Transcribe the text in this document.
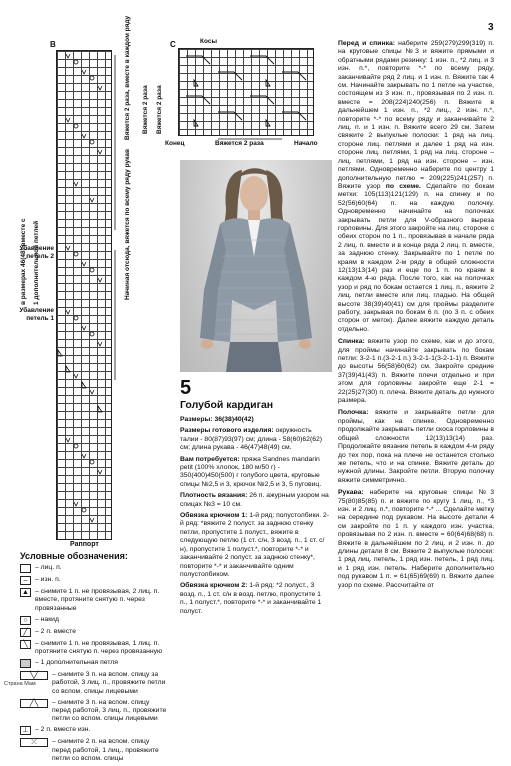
В	Вяжется 2 раза, вместе в каждом ряду
Начиная отсюда, вяжется по всему ряду рукав
Убавление петель 2
в размерах 46(48) вместе с 1 дополнительной петлей
Убавление петель 1
Раппорт
С	Косы
Вяжется 2 раза Вяжется 2 раза
Конец	Вяжется 2 раза	Начало
Условные обозначения:
– лиц. п.
–	– изн. п.
▲ – снимите 1 п. не провязывая, 2 лиц. п. вместе, протяните снятую п. через провязанные
○	– накид
╱	– 2 п. вместе
╲	– снимите 1 п. не провязывая, 1 лиц. п. протяните снятую п. через провязанную
– 1 дополнительная петля
╲╱	– снимите 3 п. на вспом. спицу за работой, 3 лиц. п., провяжите петли со вспом. спицы лицевыми
╱╲	– снимите 3 п. на вспом. спицу перед работой, 3 лиц. п., провяжите петли со вспом. спицы лицевыми
⊥ – 2 п. вместе изн.
⤫	– снимите 2 п. на вспом. спицу перед работой, 1 лиц., провяжите петли со вспом. спицы
5
Голубой кардиган

Размеры: 36(38)40(42)

Размеры готового изделия: окружность талии - 80(87)93(97) см; длина - 58(60)62(62) см; длина рукава - 46(47)48(49) см.

Вам потребуется: пряжа Sandnes mandarin petit (100% хлопок, 180 м/50 г) - 350(400)450(500) г голубого цвета, круговые спицы №2,5 и 3, крючок №2,5 и 3, 5 пуговиц.

Плотность вязания: 26 п. ажурным узором на спицах №3 = 10 см.

Обвязка крючком 1: 1-й ряд: полустолбики. 2-й ряд: *вяжите 2 полуст. за заднюю стенку петли, пропустите 1 полуст., вяжите в следующую петлю (1 ст. с/н, 3 возд. п., 1 ст. с/н), пропустите 1 полуст.*, повторите *-* и заканчивайте 2 полуст. за заднюю стенку*, повторите *-* и заканчивайте одним полустолбиком.

Обвязка крючком 2: 1-й ряд: *2 полуст., 3 возд. п., 1 ст. с/н в возд. петлю, пропустите 1 п., 1 полуст.*, повторите *-* и заканчивайте 1 полуст.

3

Перед и спинка: наберите 259(279)299(319) п. на круговые спицы №3 и вяжите прямыми и обратными рядами резинку: 1 изн. п., *2 лиц. и 3 изн. п.*, повторите *-* по всему ряду, заканчивайте ряд 2 лиц. и 1 изн. п. Вяжите так 4 см. Начинайте закрывать по 1 петле на участке, состоящем из 3 изн. п., провязывая по 2 изн. п. вместе = 208(224)240(256) п. Вяжите в дальнейшем 1 изн. п., *2 лиц., 2 изн. п.*, повторите *-* по всему ряду и заканчивайте 2 лиц. п. и 1 изн. п. Вяжите всего 29 см. Затем свяжите 2 выпуклые полоски: 1 ряд на лиц. стороне лиц. петлями и далее 1 ряд на изн. стороне лиц. петлями, 1 ряд на лиц. стороне – лиц. петлями, 1 ряд на изн. стороне – изн. петлями. Одновременно наберите по центру 1 дополнительную петлю = 209(225)241(257) п. Вяжите узор по схеме. Сделайте по бокам метки: 105(113)121(129) п. на спинку и по 52(56)60(64) п. на каждую полочку. Одновременно начинайте на полочках закрывать петли для V-образного выреза горловины. Для этого закройте на лиц. стороне с обеих сторон по 1 п., провязывая в начале ряда 2 лиц. п. вместе и в конце ряда 2 лиц. п. вместе, за заднюю стенку. Закрывайте по 1 петле по краям в каждом 2-м ряду в общей сложности 12(13)13(14) раз и еще по 1 п. по краям в каждом 4-ю ряда. После того, как на полочках узор и ряд по бокам остается 1 лиц. п., вяжите 2 лиц. петли вместе или лиц. гладью. На общей высоте 38(39)40(41) см для проймы разделите работу, закрывая по бокам 6 п. (по 3 п. с обеих сторон от меток). Далее вяжите каждую деталь отдельно.

Спинка: вяжите узор по схеме, как и до этого, для проймы начинайте закрывать по бокам петли: 3-2-1 п.(3-2-1 п.) 3-2-1-1(3-2-1-1) п. Вяжите до высоты 56(58)60(62) см. Закройте средние 37(39)41(43) п. Вяжите плечи отдельно и при этом для горловины закройте еще 2-1 = 22(25)27(30) п. плеча. Вяжите деталь до нужного размера.

Полочка: вяжите и закрывайте петли для проймы, как на спинке. Одновременно продолжайте закрывать петли скоса горловины в общей сложности 12(13)13(14) раз. Продолжайте вязание петель в каждом 4-м ряду до тех пор, пока на плече не останется столько же петель, что и на спинке. Вяжите деталь до нужной длины. Закройте петли. Вторую полочку вяжите симметрично.

Рукава: наберите на круговые спицы №3 75(80)85(85) п. и вяжите по кругу 1 лиц. п., *3 изн. и 2 лиц. п.*, повторите *-* ... Сделайте метку на середине под рукавом. На высоте детали 4 см закройте по 1 п. у каждого изн. участка, провязывая по 2 изн. п. вместе = 60(64)68(68) п. Вяжите в дальнейшем по 2 лиц. и 2 изн. п. до длины детали 8 см. Вяжите 2 выпуклые полоски: 1 ряд лиц. петель, 1 ряд изн. петель, 1 ряд лиц. и 1 ряд изн. петель. Наберите дополнительно под рукавом 1 п. = 61(65)69(69) п. Вяжите далее узор по схеме. Рассчитайте от

Страна Мам
